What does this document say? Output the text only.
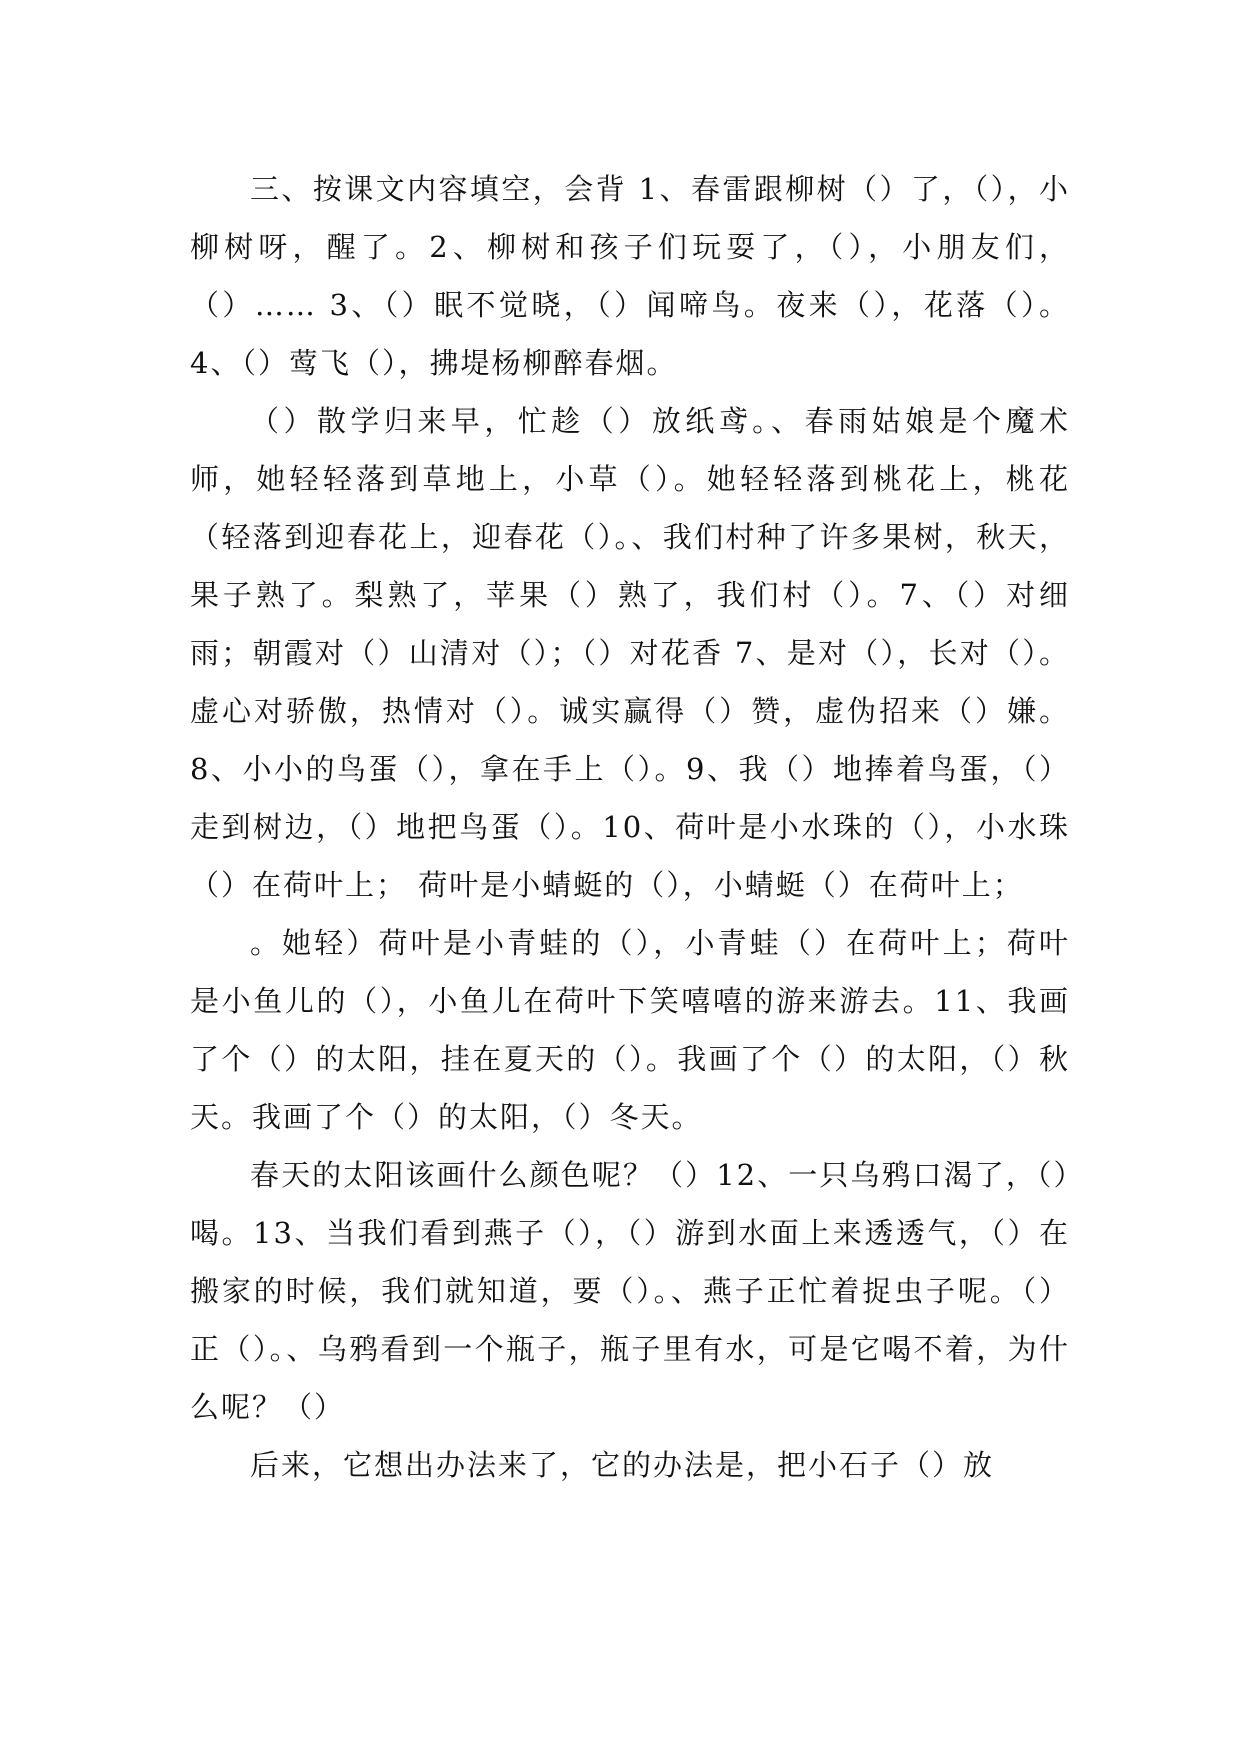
三、按课文内容填空，会背 1、春雷跟柳树（）了，（），小柳树呀，醒了。2、柳树和孩子们玩耍了，（），小朋友们，（）…… 3、（）眠不觉晓，（）闻啼鸟。夜来（），花落（）。4、（）莺飞（），拂堤杨柳醉春烟。

（）散学归来早，忙趁（）放纸鸢。、春雨姑娘是个魔术师，她轻轻落到草地上，小草（）。她轻轻落到桃花上，桃花（轻落到迎春花上，迎春花（）。、我们村种了许多果树，秋天，果子熟了。梨熟了，苹果（）熟了，我们村（）。7、（）对细雨；朝霞对（）山清对（）；（）对花香 7、是对（），长对（）。虚心对骄傲，热情对（）。诚实赢得（）赞，虚伪招来（）嫌。8、小小的鸟蛋（），拿在手上（）。9、我（）地捧着鸟蛋，（）走到树边，（）地把鸟蛋（）。10、荷叶是小水珠的（），小水珠（）在荷叶上； 荷叶是小蜻蜓的（），小蜻蜓（）在荷叶上；

。她轻）荷叶是小青蛙的（），小青蛙（）在荷叶上；荷叶是小鱼儿的（），小鱼儿在荷叶下笑嘻嘻的游来游去。11、我画了个（）的太阳，挂在夏天的（）。我画了个（）的太阳，（）秋天。我画了个（）的太阳，（）冬天。

春天的太阳该画什么颜色呢？（）12、一只乌鸦口渴了，（）喝。13、当我们看到燕子（），（）游到水面上来透透气，（）在搬家的时候，我们就知道，要（）。、燕子正忙着捉虫子呢。（）正（）。、乌鸦看到一个瓶子，瓶子里有水，可是它喝不着，为什么呢？（）

后来，它想出办法来了，它的办法是，把小石子（）放
